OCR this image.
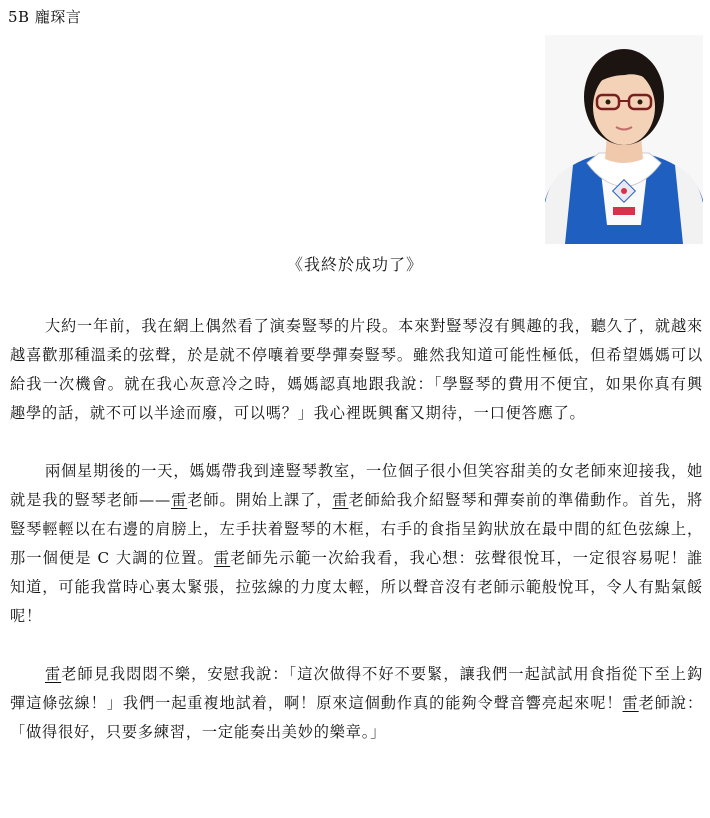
5B 龐琛言
《我終於成功了》

大約一年前，我在網上偶然看了演奏豎琴的片段。本來對豎琴沒有興趣的我，聽久了，就越來越喜歡那種溫柔的弦聲，於是就不停嚷着要學彈奏豎琴。雖然我知道可能性極低，但希望媽媽可以給我一次機會。就在我心灰意冷之時，媽媽認真地跟我說：「學豎琴的費用不便宜，如果你真有興趣學的話，就不可以半途而廢，可以嗎？」我心裡既興奮又期待，一口便答應了。

兩個星期後的一天，媽媽帶我到達豎琴教室，一位個子很小但笑容甜美的女老師來迎接我，她就是我的豎琴老師——雷老師。開始上課了，雷老師給我介紹豎琴和彈奏前的準備動作。首先，將豎琴輕輕以在右邊的肩膀上，左手扶着豎琴的木框，右手的食指呈鈎狀放在最中間的紅色弦線上，那一個便是 C 大調的位置。雷老師先示範一次給我看，我心想：弦聲很悅耳，一定很容易呢！誰知道，可能我當時心裏太緊張，拉弦線的力度太輕，所以聲音沒有老師示範般悅耳，令人有點氣餒呢！

雷老師見我悶悶不樂，安慰我說：「這次做得不好不要緊，讓我們一起試試用食指從下至上鈎彈這條弦線！」我們一起重複地試着，啊！原來這個動作真的能夠令聲音響亮起來呢！雷老師說：「做得很好，只要多練習，一定能奏出美妙的樂章。」
